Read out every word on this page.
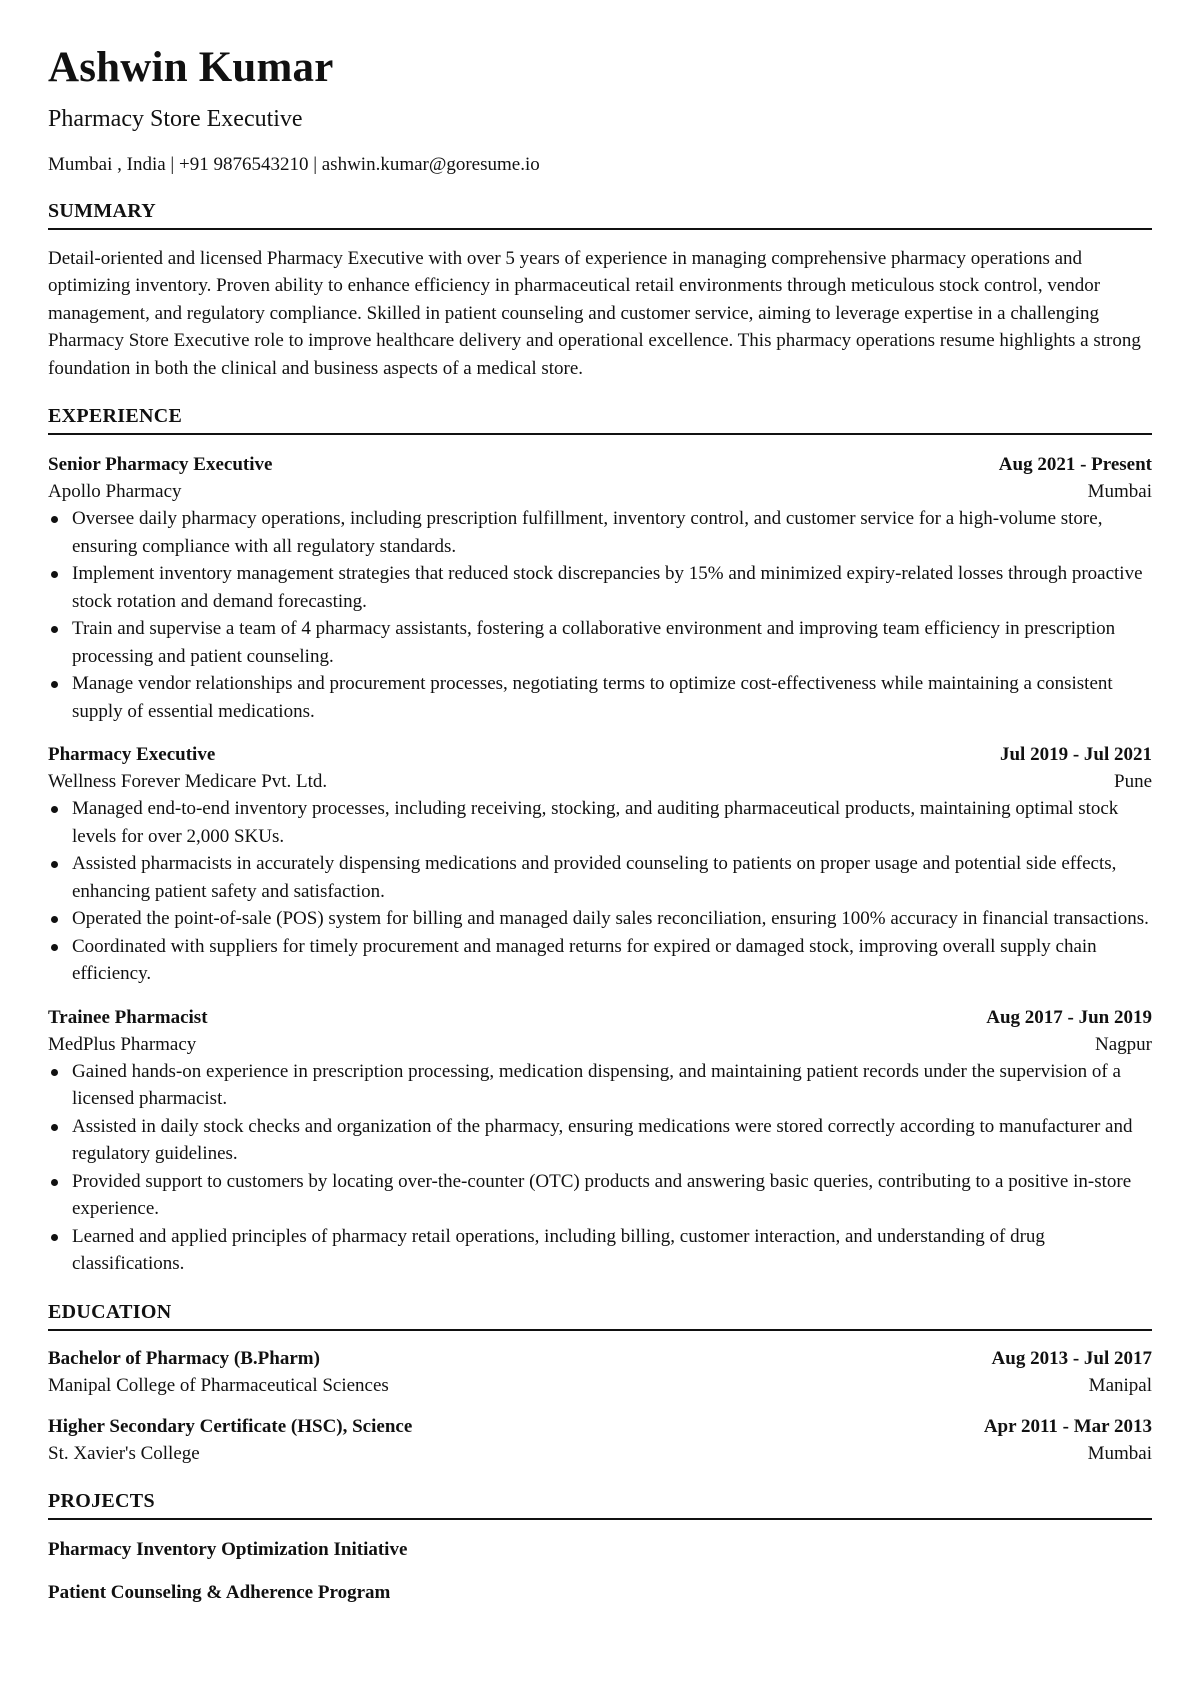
Ashwin Kumar
Pharmacy Store Executive
Mumbai , India | +91 9876543210 | ashwin.kumar@goresume.io
SUMMARY
Detail-oriented and licensed Pharmacy Executive with over 5 years of experience in managing comprehensive pharmacy operations and optimizing inventory. Proven ability to enhance efficiency in pharmaceutical retail environments through meticulous stock control, vendor management, and regulatory compliance. Skilled in patient counseling and customer service, aiming to leverage expertise in a challenging Pharmacy Store Executive role to improve healthcare delivery and operational excellence. This pharmacy operations resume highlights a strong foundation in both the clinical and business aspects of a medical store.
EXPERIENCE
Senior Pharmacy Executive	Aug 2021 - Present
Apollo Pharmacy	Mumbai
Oversee daily pharmacy operations, including prescription fulfillment, inventory control, and customer service for a high-volume store, ensuring compliance with all regulatory standards.
Implement inventory management strategies that reduced stock discrepancies by 15% and minimized expiry-related losses through proactive stock rotation and demand forecasting.
Train and supervise a team of 4 pharmacy assistants, fostering a collaborative environment and improving team efficiency in prescription processing and patient counseling.
Manage vendor relationships and procurement processes, negotiating terms to optimize cost-effectiveness while maintaining a consistent supply of essential medications.
Pharmacy Executive	Jul 2019 - Jul 2021
Wellness Forever Medicare Pvt. Ltd.	Pune
Managed end-to-end inventory processes, including receiving, stocking, and auditing pharmaceutical products, maintaining optimal stock levels for over 2,000 SKUs.
Assisted pharmacists in accurately dispensing medications and provided counseling to patients on proper usage and potential side effects, enhancing patient safety and satisfaction.
Operated the point-of-sale (POS) system for billing and managed daily sales reconciliation, ensuring 100% accuracy in financial transactions.
Coordinated with suppliers for timely procurement and managed returns for expired or damaged stock, improving overall supply chain efficiency.
Trainee Pharmacist	Aug 2017 - Jun 2019
MedPlus Pharmacy	Nagpur
Gained hands-on experience in prescription processing, medication dispensing, and maintaining patient records under the supervision of a licensed pharmacist.
Assisted in daily stock checks and organization of the pharmacy, ensuring medications were stored correctly according to manufacturer and regulatory guidelines.
Provided support to customers by locating over-the-counter (OTC) products and answering basic queries, contributing to a positive in-store experience.
Learned and applied principles of pharmacy retail operations, including billing, customer interaction, and understanding of drug classifications.
EDUCATION
Bachelor of Pharmacy (B.Pharm)	Aug 2013 - Jul 2017
Manipal College of Pharmaceutical Sciences	Manipal
Higher Secondary Certificate (HSC), Science	Apr 2011 - Mar 2013
St. Xavier's College	Mumbai
PROJECTS
Pharmacy Inventory Optimization Initiative
Patient Counseling & Adherence Program
